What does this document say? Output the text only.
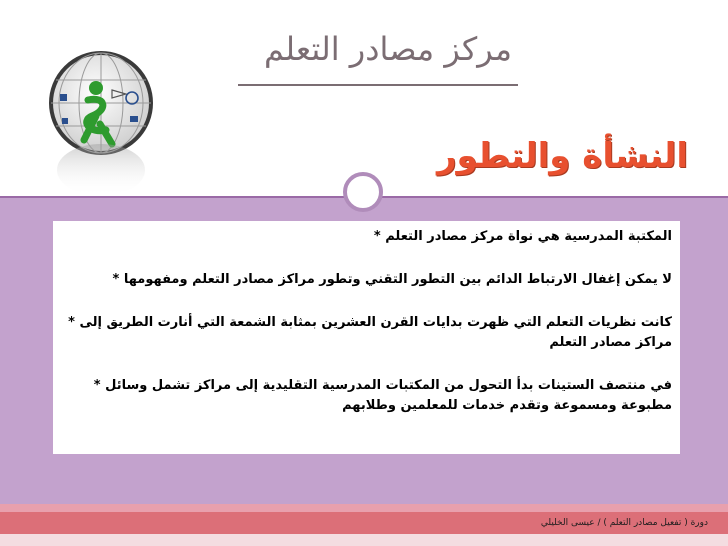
مركز مصادر التعلم
النشأة والتطور

المكتبة المدرسية هي نواة مركز مصادر التعلم *

لا يمكن إغفال الارتباط الدائم بين التطور التقني وتطور مراكز مصادر التعلم ومفهومها *

كانت نظريات التعلم التي ظهرت بدايات القرن العشرين بمثابة الشمعة التي أنارت الطريق إلى * مراكز مصادر التعلم

في منتصف الستينات بدأ التحول من المكتبات المدرسية التقليدية إلى مراكز تشمل وسائل * مطبوعة ومسموعة وتقدم خدمات للمعلمين وطلابهم

دورة ( تفعيل مصادر التعلم ) / عيسى الخليلي
